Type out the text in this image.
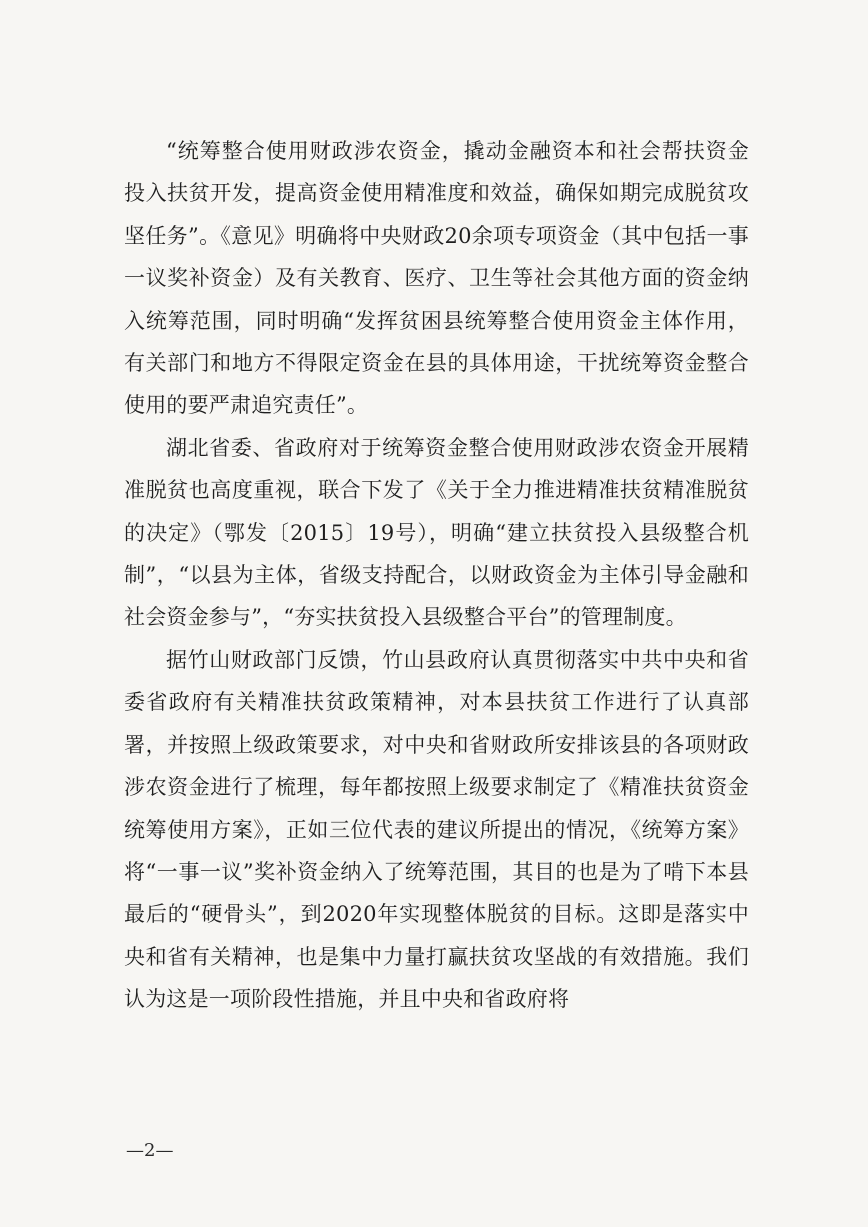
“统筹整合使用财政涉农资金，撬动金融资本和社会帮扶资金投入扶贫开发，提高资金使用精准度和效益，确保如期完成脱贫攻坚任务”。《意见》明确将中央财政20余项专项资金（其中包括一事一议奖补资金）及有关教育、医疗、卫生等社会其他方面的资金纳入统筹范围，同时明确“发挥贫困县统筹整合使用资金主体作用，有关部门和地方不得限定资金在县的具体用途，干扰统筹资金整合使用的要严肃追究责任”。

湖北省委、省政府对于统筹资金整合使用财政涉农资金开展精准脱贫也高度重视，联合下发了《关于全力推进精准扶贫精准脱贫的决定》（鄂发〔2015〕19号），明确“建立扶贫投入县级整合机制”，“以县为主体，省级支持配合，以财政资金为主体引导金融和社会资金参与”，“夯实扶贫投入县级整合平台”的管理制度。

据竹山财政部门反馈，竹山县政府认真贯彻落实中共中央和省委省政府有关精准扶贫政策精神，对本县扶贫工作进行了认真部署，并按照上级政策要求，对中央和省财政所安排该县的各项财政涉农资金进行了梳理，每年都按照上级要求制定了《精准扶贫资金统筹使用方案》，正如三位代表的建议所提出的情况，《统筹方案》将“一事一议”奖补资金纳入了统筹范围，其目的也是为了啃下本县最后的“硬骨头”，到2020年实现整体脱贫的目标。这即是落实中央和省有关精神，也是集中力量打赢扶贫攻坚战的有效措施。我们认为这是一项阶段性措施，并且中央和省政府将

—2—
